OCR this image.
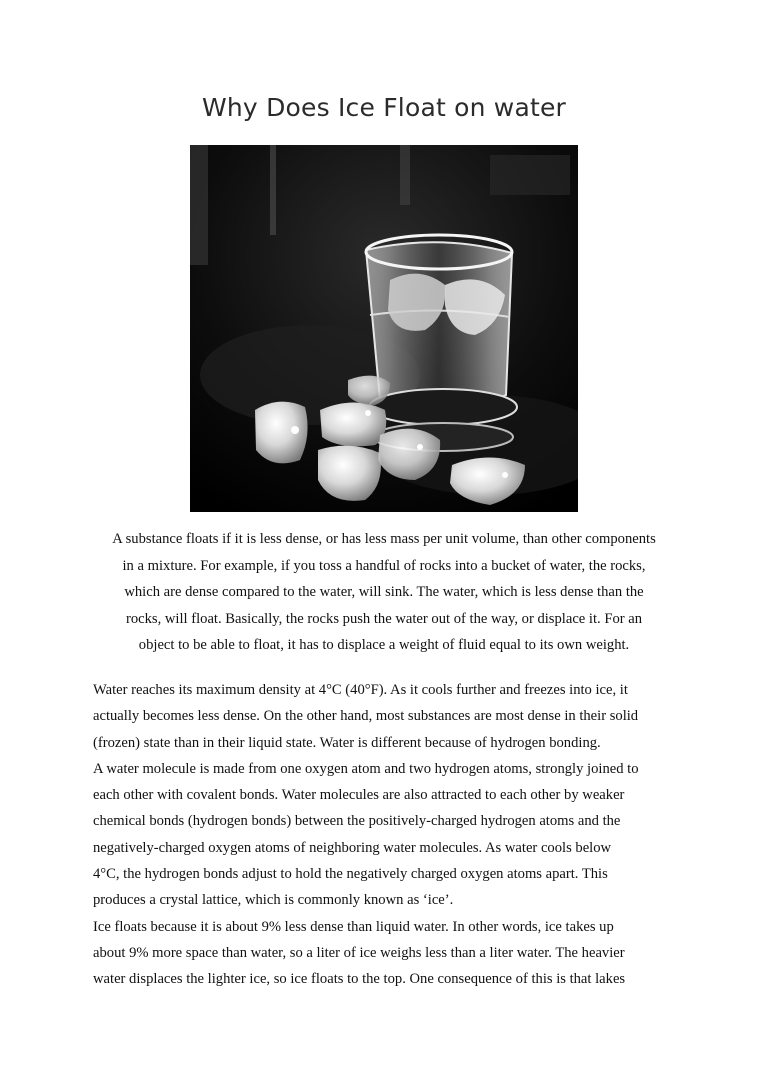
Why Does Ice Float on water

A substance floats if it is less dense, or has less mass per unit volume, than other components
in a mixture. For example, if you toss a handful of rocks into a bucket of water, the rocks,
which are dense compared to the water, will sink. The water, which is less dense than the
rocks, will float. Basically, the rocks push the water out of the way, or displace it. For an
object to be able to float, it has to displace a weight of fluid equal to its own weight.

Water reaches its maximum density at 4°C (40°F). As it cools further and freezes into ice, it
actually becomes less dense. On the other hand, most substances are most dense in their solid
(frozen) state than in their liquid state. Water is different because of hydrogen bonding.
A water molecule is made from one oxygen atom and two hydrogen atoms, strongly joined to
each other with covalent bonds. Water molecules are also attracted to each other by weaker
chemical bonds (hydrogen bonds) between the positively-charged hydrogen atoms and the
negatively-charged oxygen atoms of neighboring water molecules. As water cools below
4°C, the hydrogen bonds adjust to hold the negatively charged oxygen atoms apart. This
produces a crystal lattice, which is commonly known as ‘ice’.
Ice floats because it is about 9% less dense than liquid water. In other words, ice takes up
about 9% more space than water, so a liter of ice weighs less than a liter water. The heavier
water displaces the lighter ice, so ice floats to the top. One consequence of this is that lakes
